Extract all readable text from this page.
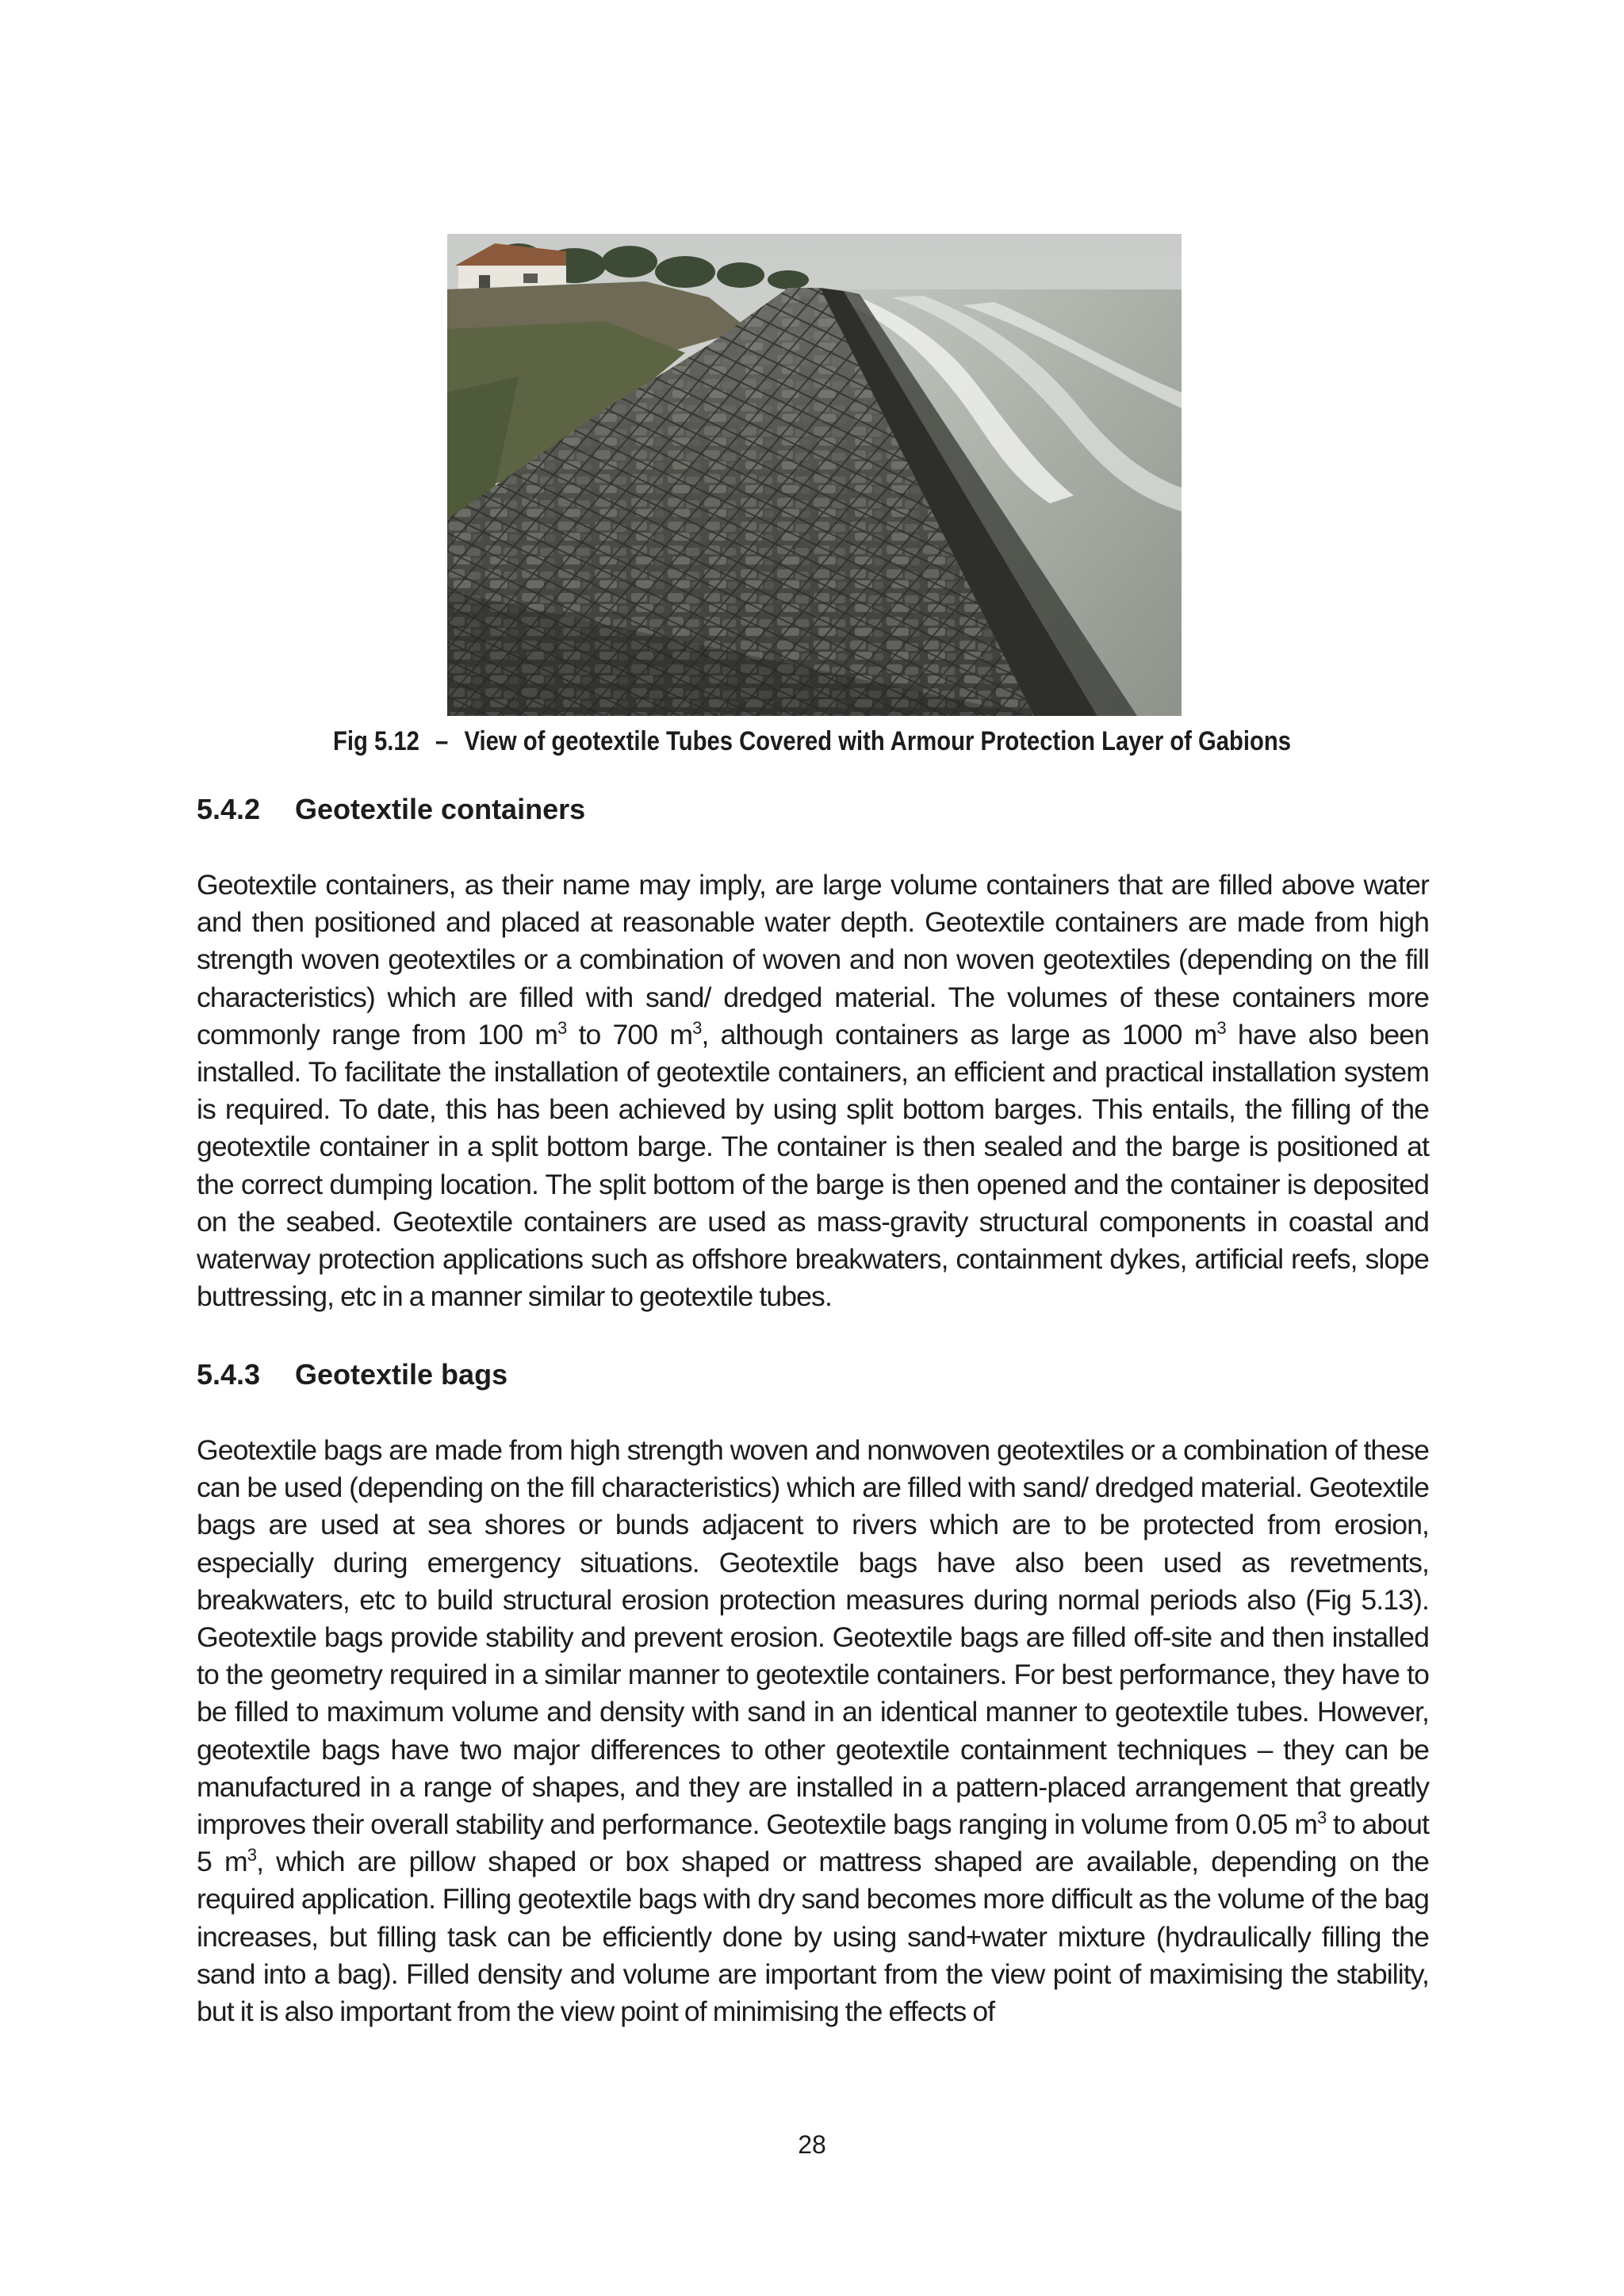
Fig 5.12 – View of geotextile Tubes Covered with Armour Protection Layer of Gabions
5.4.2 Geotextile containers
Geotextile containers, as their name may imply, are large volume containers that are filled above water and then positioned and placed at reasonable water depth. Geotextile containers are made from high strength woven geotextiles or a combination of woven and non woven geotextiles (depending on the fill characteristics) which are filled with sand/ dredged material. The volumes of these containers more commonly range from 100 $m^3$ to 700 $m^3$, although containers as large as 1000 $m^3$ have also been installed. To facilitate the installation of geotextile containers, an efficient and practical installation system is required. To date, this has been achieved by using split bottom barges. This entails, the filling of the geotextile container in a split bottom barge. The container is then sealed and the barge is positioned at the correct dumping location. The split bottom of the barge is then opened and the container is deposited on the seabed. Geotextile containers are used as mass-gravity structural components in coastal and waterway protection applications such as offshore breakwaters, containment dykes, artificial reefs, slope buttressing, etc in a manner similar to geotextile tubes.
5.4.3 Geotextile bags
Geotextile bags are made from high strength woven and nonwoven geotextiles or a combination of these can be used (depending on the fill characteristics) which are filled with sand/ dredged material. Geotextile bags are used at sea shores or bunds adjacent to rivers which are to be protected from erosion, especially during emergency situations. Geotextile bags have also been used as revetments, breakwaters, etc to build structural erosion protection measures during normal periods also (Fig 5.13). Geotextile bags provide stability and prevent erosion. Geotextile bags are filled off-site and then installed to the geometry required in a similar manner to geotextile containers. For best performance, they have to be filled to maximum volume and density with sand in an identical manner to geotextile tubes. However, geotextile bags have two major differences to other geotextile containment techniques – they can be manufactured in a range of shapes, and they are installed in a pattern-placed arrangement that greatly improves their overall stability and performance. Geotextile bags ranging in volume from 0.05 $m^3$ to about 5 $m^3$, which are pillow shaped or box shaped or mattress shaped are available, depending on the required application. Filling geotextile bags with dry sand becomes more difficult as the volume of the bag increases, but filling task can be efficiently done by using sand+water mixture (hydraulically filling the sand into a bag). Filled density and volume are important from the view point of maximising the stability, but it is also important from the view point of minimising the effects of
28
